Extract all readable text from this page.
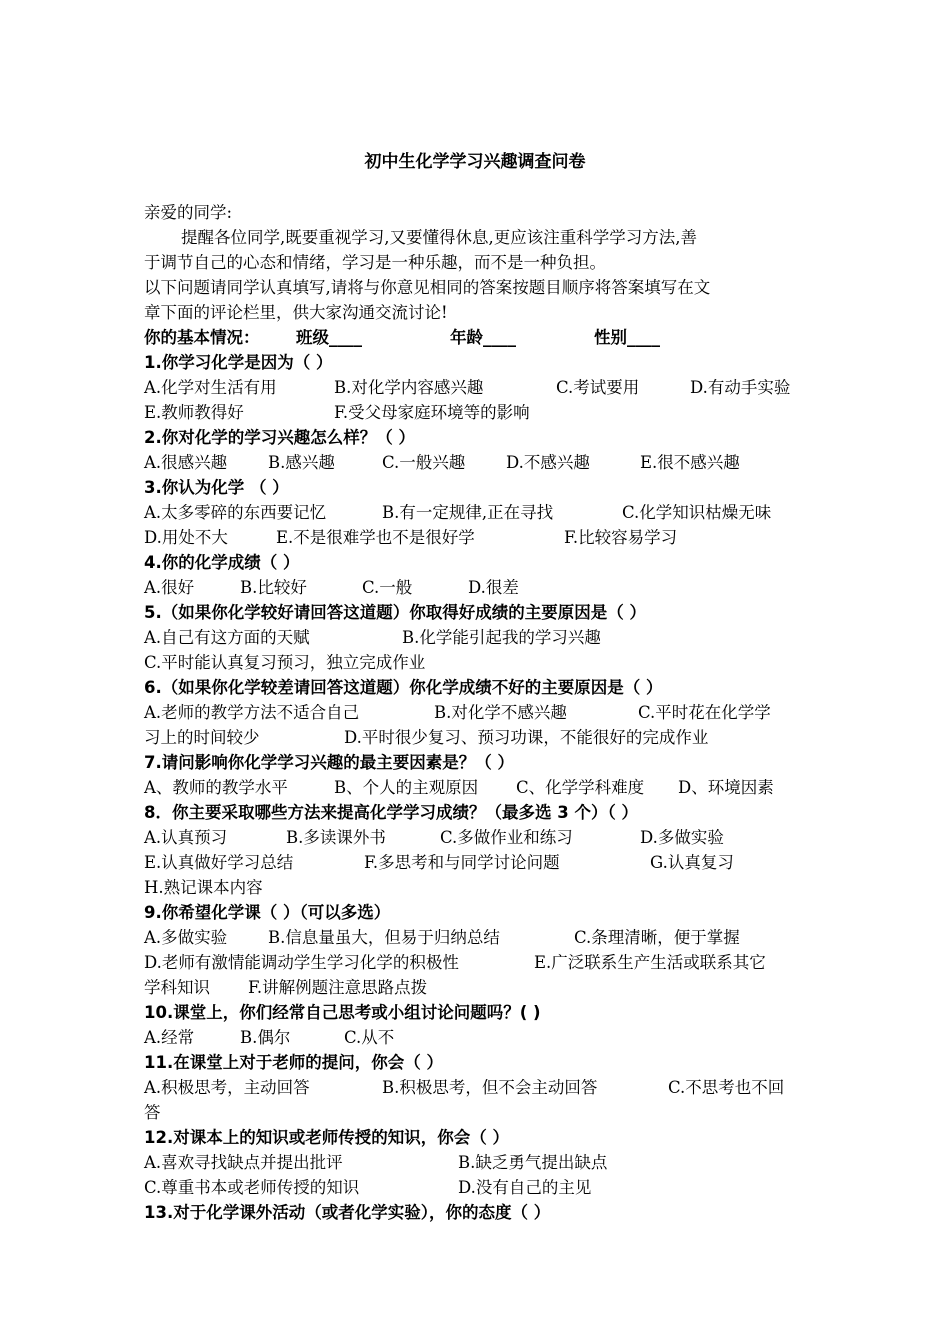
初中生化学学习兴趣调查问卷
亲爱的同学:
提醒各位同学,既要重视学习,又要懂得休息,更应该注重科学学习方法,善
于调节自己的心态和情绪，学习是一种乐趣，而不是一种负担。
以下问题请同学认真填写,请将与你意见相同的答案按题目顺序将答案填写在文
章下面的评论栏里，供大家沟通交流讨论!
你的基本情况： 班级____	年龄____	性别____
1.你学习化学是因为（ ）
A.化学对生活有用	B.对化学内容感兴趣	C.考试要用	D.有动手实验
E.教师教得好	F.受父母家庭环境等的影响
2.你对化学的学习兴趣怎么样？（ ）
A.很感兴趣 B.感兴趣	C.一般兴趣 D.不感兴趣	E.很不感兴趣
3.你认为化学 （ ）
A.太多零碎的东西要记忆	B.有一定规律,正在寻找	C.化学知识枯燥无味
D.用处不大	E.不是很难学也不是很好学	F.比较容易学习
4.你的化学成绩（ ）
A.很好	B.比较好	C.一般	D.很差
5.（如果你化学较好请回答这道题）你取得好成绩的主要原因是（ ）
A.自己有这方面的天赋	B.化学能引起我的学习兴趣
C.平时能认真复习预习，独立完成作业
6.（如果你化学较差请回答这道题）你化学成绩不好的主要原因是（ ）
A.老师的教学方法不适合自己	B.对化学不感兴趣	C.平时花在化学学
习上的时间较少	D.平时很少复习、预习功课，不能很好的完成作业
7.请问影响你化学学习兴趣的最主要因素是？（ ）
A、教师的教学水平	B、个人的主观原因 C、化学学科难度 D、环境因素
8．你主要采取哪些方法来提高化学学习成绩？（最多选 3 个）（ ）
A.认真预习	B.多读课外书	C.多做作业和练习	D.多做实验
E.认真做好学习总结	F.多思考和与同学讨论问题	G.认真复习
H.熟记课本内容
9.你希望化学课（ ）（可以多选）
A.多做实验 B.信息量虽大，但易于归纳总结	C.条理清晰，便于掌握
D.老师有激情能调动学生学习化学的积极性	E.广泛联系生产生活或联系其它
学科知识 F.讲解例题注意思路点拨
10.课堂上，你们经常自己思考或小组讨论问题吗？( )
A.经常	B.偶尔	C.从不
11.在课堂上对于老师的提问，你会（ ）
A.积极思考，主动回答	B.积极思考，但不会主动回答	C.不思考也不回
答
12.对课本上的知识或老师传授的知识，你会（ ）
A.喜欢寻找缺点并提出批评	B.缺乏勇气提出缺点
C.尊重书本或老师传授的知识	D.没有自己的主见
13.对于化学课外活动（或者化学实验），你的态度（ ）
